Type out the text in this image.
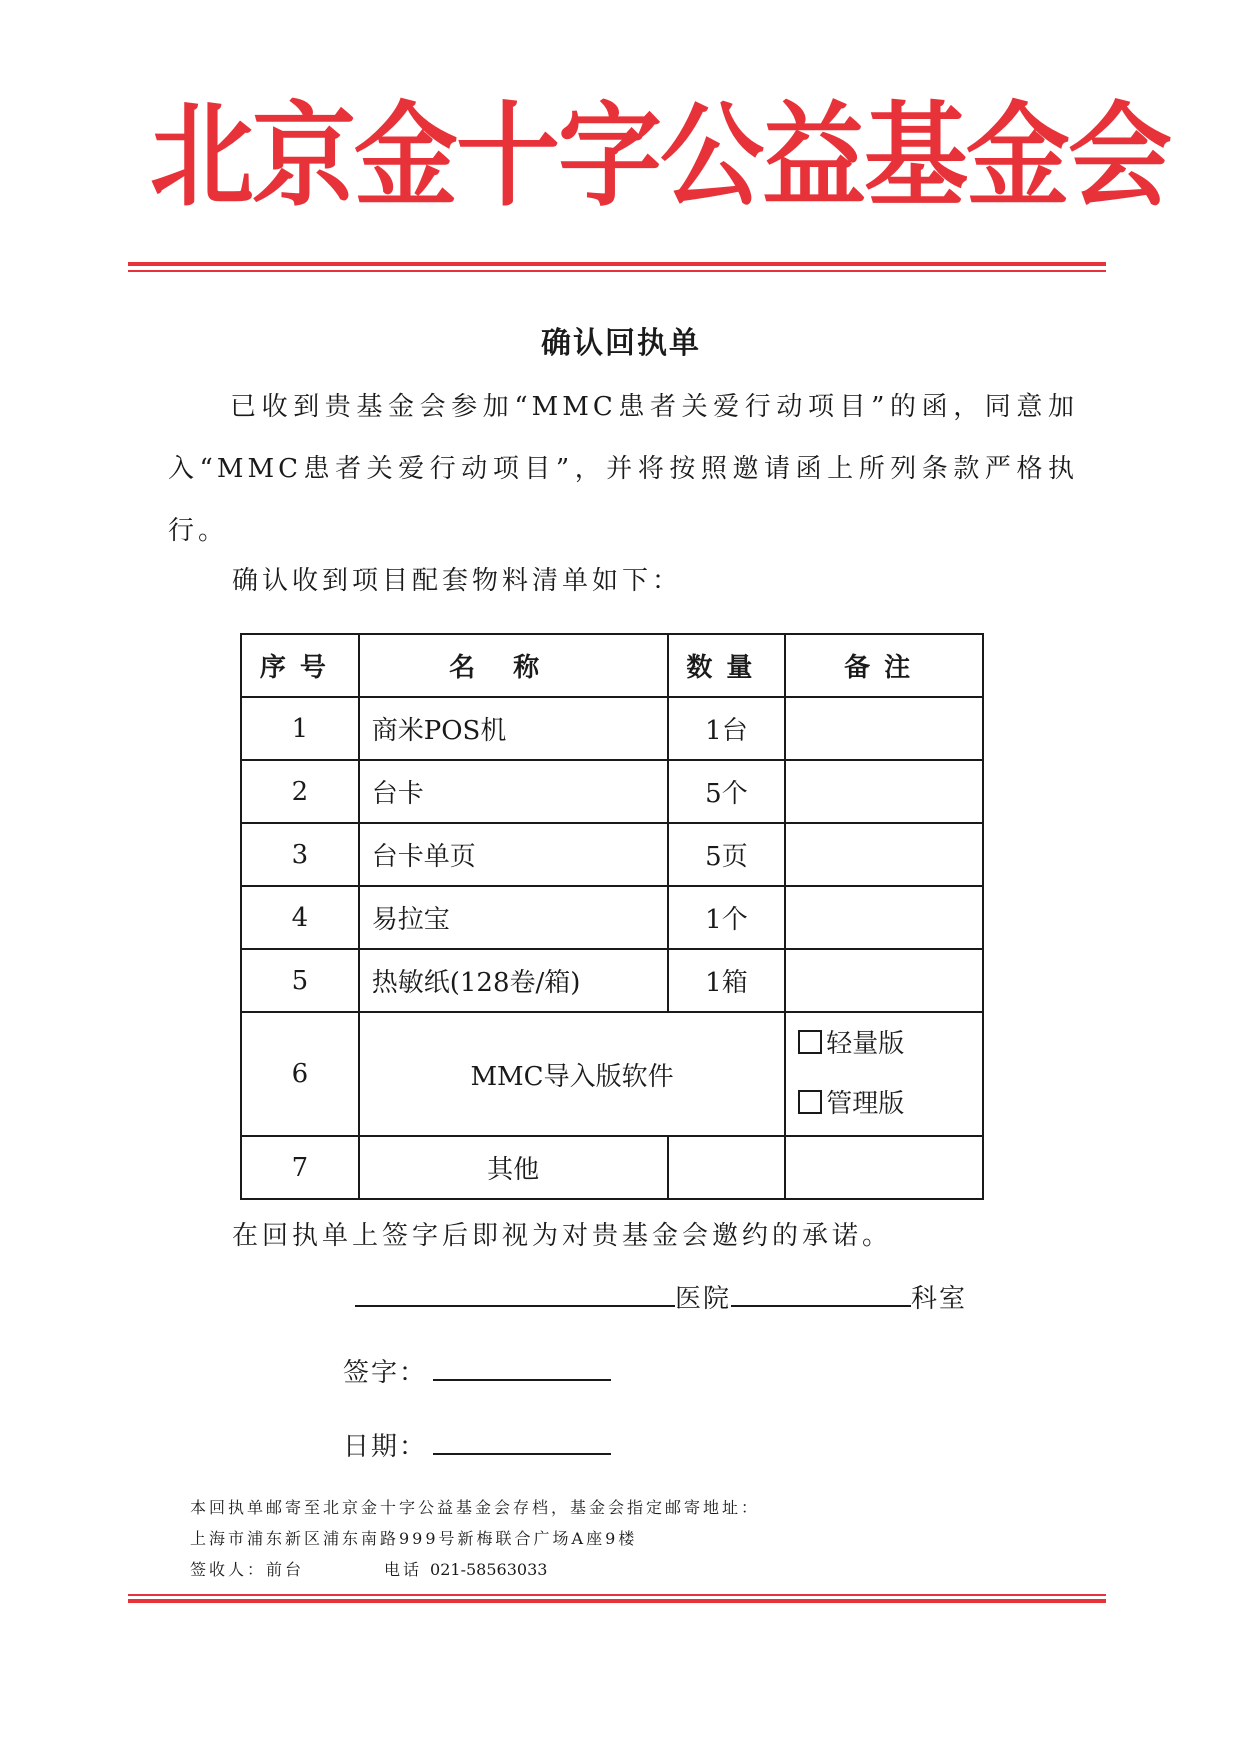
北京金十字公益基金会
确认回执单

已收到贵基金会参加“MMC患者关爱行动项目”的函，同意加入“MMC患者关爱行动项目”，并将按照邀请函上所列条款严格执行。

确认收到项目配套物料清单如下：
序号	名称	数量	备注
1	商米POS机	1台	
2	台卡	5个	
3	台卡单页	5页	
4	易拉宝	1个	
5	热敏纸(128卷/箱)	1箱	
6	MMC导入版软件		轻量版
管理版

7	其他		
在回执单上签字后即视为对贵基金会邀约的承诺。
医院	科室
签字：
日期：
本回执单邮寄至北京金十字公益基金会存档，基金会指定邮寄地址：
上海市浦东新区浦东南路999号新梅联合广场A座9楼
签收人：前台	电话 021-58563033
